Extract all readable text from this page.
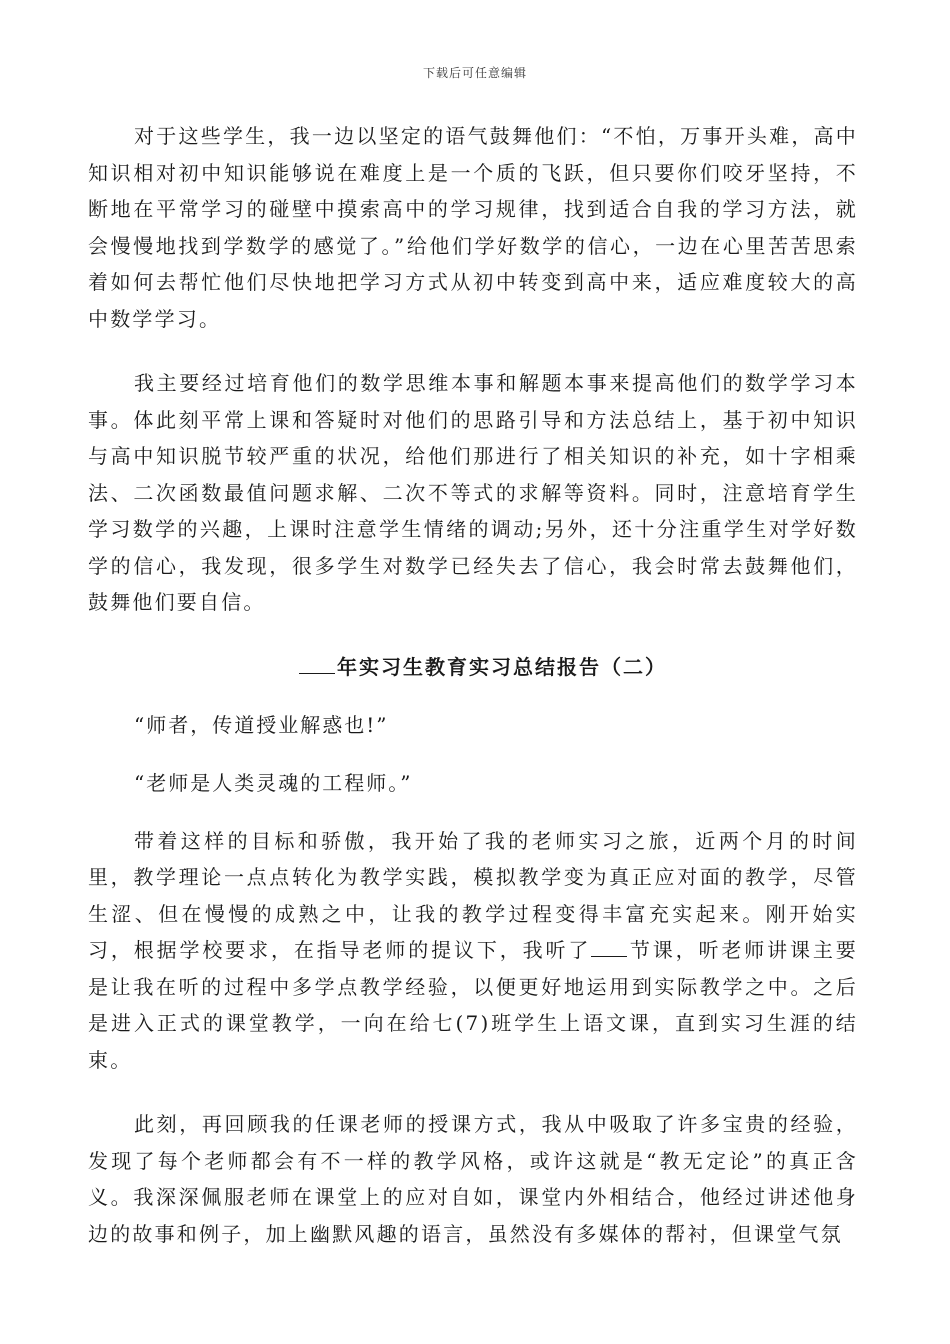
下载后可任意编辑

对于这些学生，我一边以坚定的语气鼓舞他们：“不怕，万事开头难，高中知识相对初中知识能够说在难度上是一个质的飞跃，但只要你们咬牙坚持，不断地在平常学习的碰壁中摸索高中的学习规律，找到适合自我的学习方法，就会慢慢地找到学数学的感觉了。”给他们学好数学的信心，一边在心里苦苦思索着如何去帮忙他们尽快地把学习方式从初中转变到高中来，适应难度较大的高中数学学习。

我主要经过培育他们的数学思维本事和解题本事来提高他们的数学学习本事。体此刻平常上课和答疑时对他们的思路引导和方法总结上，基于初中知识与高中知识脱节较严重的状况，给他们那进行了相关知识的补充，如十字相乘法、二次函数最值问题求解、二次不等式的求解等资料。同时，注意培育学生学习数学的兴趣，上课时注意学生情绪的调动;另外，还十分注重学生对学好数学的信心，我发现，很多学生对数学已经失去了信心，我会时常去鼓舞他们，鼓舞他们要自信。

年实习生教育实习总结报告（二）

“师者，传道授业解惑也!”

“老师是人类灵魂的工程师。”

带着这样的目标和骄傲，我开始了我的老师实习之旅，近两个月的时间里，教学理论一点点转化为教学实践，模拟教学变为真正应对面的教学，尽管生涩、但在慢慢的成熟之中，让我的教学过程变得丰富充实起来。刚开始实习，根据学校要求，在指导老师的提议下，我听了 节课，听老师讲课主要是让我在听的过程中多学点教学经验，以便更好地运用到实际教学之中。之后是进入正式的课堂教学，一向在给七(7)班学生上语文课，直到实习生涯的结束。

此刻，再回顾我的任课老师的授课方式，我从中吸取了许多宝贵的经验，发现了每个老师都会有不一样的教学风格，或许这就是“教无定论”的真正含义。我深深佩服老师在课堂上的应对自如，课堂内外相结合，他经过讲述他身边的故事和例子，加上幽默风趣的语言，虽然没有多媒体的帮衬，但课堂气氛
